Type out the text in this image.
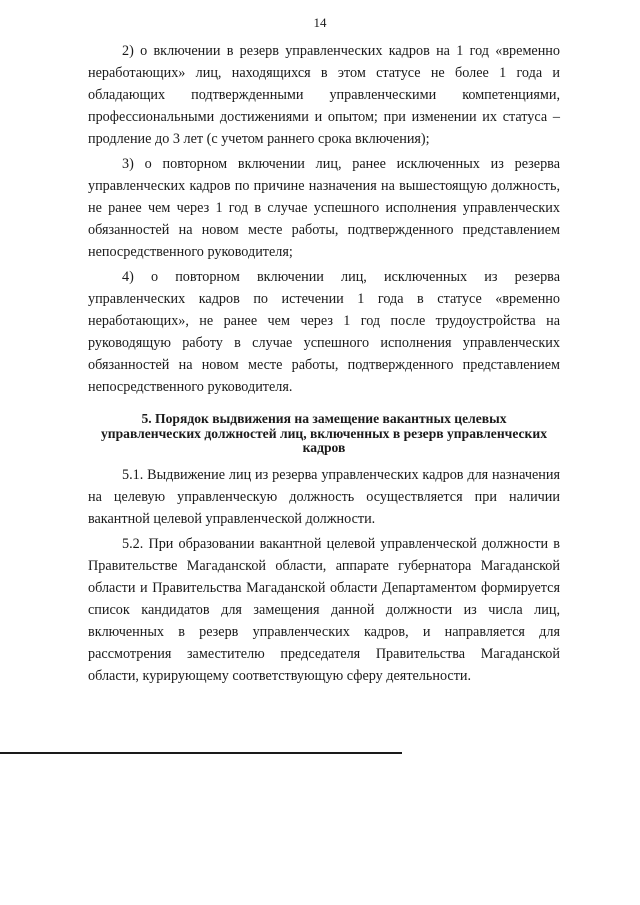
14

2) о включении в резерв управленческих кадров на 1 год «временно неработающих» лиц, находящихся в этом статусе не более 1 года и обладающих подтвержденными управленческими компетенциями, профессиональными достижениями и опытом; при изменении их статуса – продление до 3 лет (с учетом раннего срока включения);

3) о повторном включении лиц, ранее исключенных из резерва управленческих кадров по причине назначения на вышестоящую должность, не ранее чем через 1 год в случае успешного исполнения управленческих обязанностей на новом месте работы, подтвержденного представлением непосредственного руководителя;

4) о повторном включении лиц, исключенных из резерва управленческих кадров по истечении 1 года в статусе «временно неработающих», не ранее чем через 1 год после трудоустройства на руководящую работу в случае успешного исполнения управленческих обязанностей на новом месте работы, подтвержденного представлением непосредственного руководителя.

5. Порядок выдвижения на замещение вакантных целевых управленческих должностей лиц, включенных в резерв управленческих кадров

5.1. Выдвижение лиц из резерва управленческих кадров для назначения на целевую управленческую должность осуществляется при наличии вакантной целевой управленческой должности.

5.2. При образовании вакантной целевой управленческой должности в Правительстве Магаданской области, аппарате губернатора Магаданской области и Правительства Магаданской области Департаментом формируется список кандидатов для замещения данной должности из числа лиц, включенных в резерв управленческих кадров, и направляется для рассмотрения заместителю председателя Правительства Магаданской области, курирующему соответствующую сферу деятельности.
